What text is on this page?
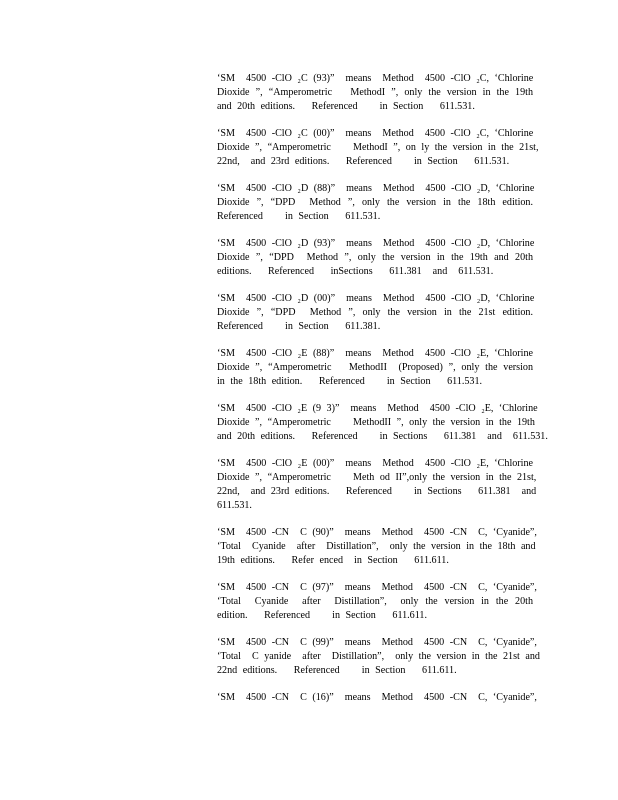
‘SM  4500 -ClO ₂C (93)”  means  Method  4500 -ClO ₂C, ‘Chlorine
Dioxide ”, “Amperometric   MethodI ”, only the version in the 19th
and 20th editions.   Referenced    in Section   611.531.

‘SM  4500 -ClO ₂C (00)”  means  Method  4500 -ClO ₂C, ‘Chlorine
Dioxide ”, “Amperometric    MethodI ”, on ly the version in the 21st,
22nd,  and 23rd editions.   Referenced    in Section   611.531.

‘SM  4500 -ClO ₂D (88)”  means  Method  4500 -ClO ₂D, ‘Chlorine
Dioxide ”, “DPD  Method ”, only the version in the 18th edition.
Referenced    in Section   611.531.

‘SM  4500 -ClO ₂D (93)”  means  Method  4500 -ClO ₂D, ‘Chlorine
Dioxide ”, “DPD  Method ”, only the version in the 19th and 20th
editions.   Referenced   inSections   611.381  and  611.531.

‘SM  4500 -ClO ₂D (00)”  means  Method  4500 -ClO ₂D, ‘Chlorine
Dioxide ”, “DPD  Method ”, only the version in the 21st edition.
Referenced    in Section   611.381.

‘SM  4500 -ClO ₂E (88)”  means  Method  4500 -ClO ₂E, ‘Chlorine
Dioxide ”, “Amperometric   MethodII  (Proposed) ”, only the version
in the 18th edition.   Referenced    in Section   611.531.

‘SM  4500 -ClO ₂E (9 3)”  means  Method  4500 -ClO ₂E, ‘Chlorine
Dioxide ”, “Amperometric    MethodII ”, only the version in the 19th
and 20th editions.   Referenced    in Sections   611.381  and  611.531.

‘SM  4500 -ClO ₂E (00)”  means  Method  4500 -ClO ₂E, ‘Chlorine
Dioxide ”, “Amperometric    Meth od II”,only the version in the 21st,
22nd,  and 23rd editions.   Referenced    in Sections   611.381  and
611.531.

‘SM  4500 -CN  C (90)”  means  Method  4500 -CN  C, ‘Cyanide”,
‘Total  Cyanide  after  Distillation”,  only the version in the 18th and
19th editions.   Refer enced  in Section   611.611.

‘SM  4500 -CN  C (97)”  means  Method  4500 -CN  C, ‘Cyanide”,
‘Total  Cyanide  after  Distillation”,  only the version in the 20th
edition.   Referenced    in Section   611.611.

‘SM  4500 -CN  C (99)”  means  Method  4500 -CN  C, ‘Cyanide”,
‘Total  C yanide  after  Distillation”,  only the version in the 21st and
22nd editions.   Referenced    in Section   611.611.

‘SM  4500 -CN  C (16)”  means  Method  4500 -CN  C, ‘Cyanide”,
